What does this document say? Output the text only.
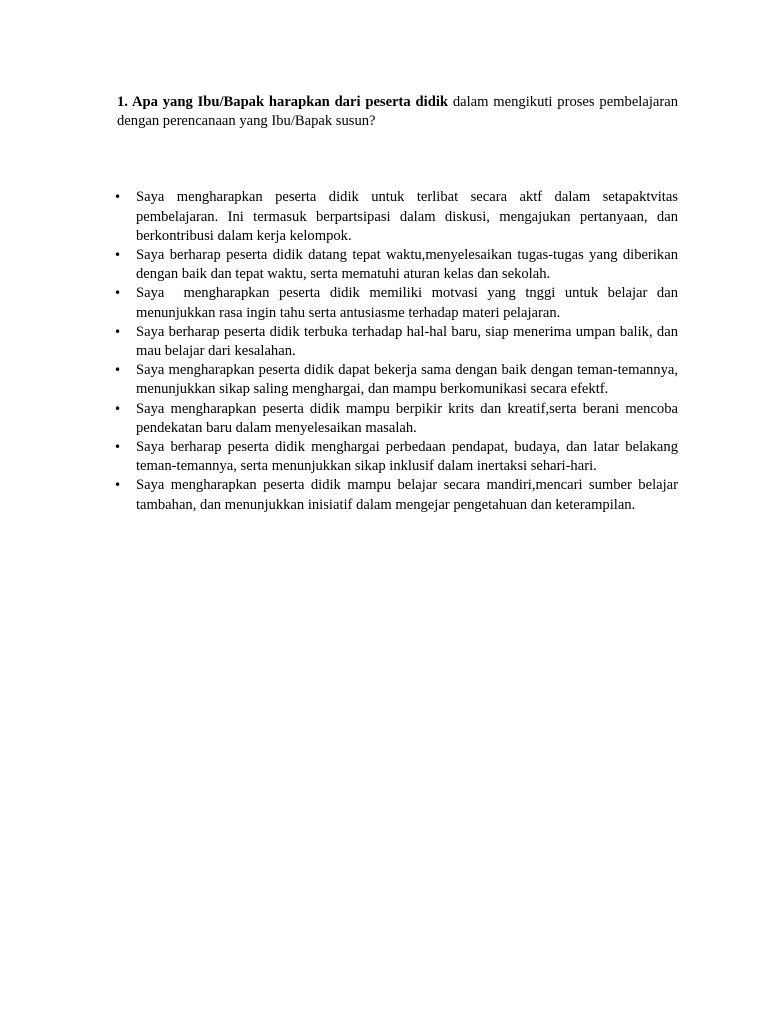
1. Apa yang Ibu/Bapak harapkan dari peserta didik dalam mengikuti proses pembelajaran dengan perencanaan yang Ibu/Bapak susun?

•	Saya mengharapkan peserta didik untuk terlibat secara aktf dalam setapaktvitas pembelajaran. Ini termasuk berpartsipasi dalam diskusi, mengajukan pertanyaan, dan berkontribusi dalam kerja kelompok.
•	Saya berharap peserta didik datang tepat waktu,menyelesaikan tugas-tugas yang diberikan dengan baik dan tepat waktu, serta mematuhi aturan kelas dan sekolah.
•	Saya  mengharapkan peserta didik memiliki motvasi yang tnggi untuk belajar dan menunjukkan rasa ingin tahu serta antusiasme terhadap materi pelajaran.
•	Saya berharap peserta didik terbuka terhadap hal-hal baru, siap menerima umpan balik, dan mau belajar dari kesalahan.
•	Saya mengharapkan peserta didik dapat bekerja sama dengan baik dengan teman-temannya, menunjukkan sikap saling menghargai, dan mampu berkomunikasi secara efektf.
•	Saya mengharapkan peserta didik mampu berpikir krits dan kreatif,serta berani mencoba pendekatan baru dalam menyelesaikan masalah.
•	Saya berharap peserta didik menghargai perbedaan pendapat, budaya, dan latar belakang teman-temannya, serta menunjukkan sikap inklusif dalam inertaksi sehari-hari.
•	Saya mengharapkan peserta didik mampu belajar secara mandiri,mencari sumber belajar tambahan, dan menunjukkan inisiatif dalam mengejar pengetahuan dan keterampilan.
